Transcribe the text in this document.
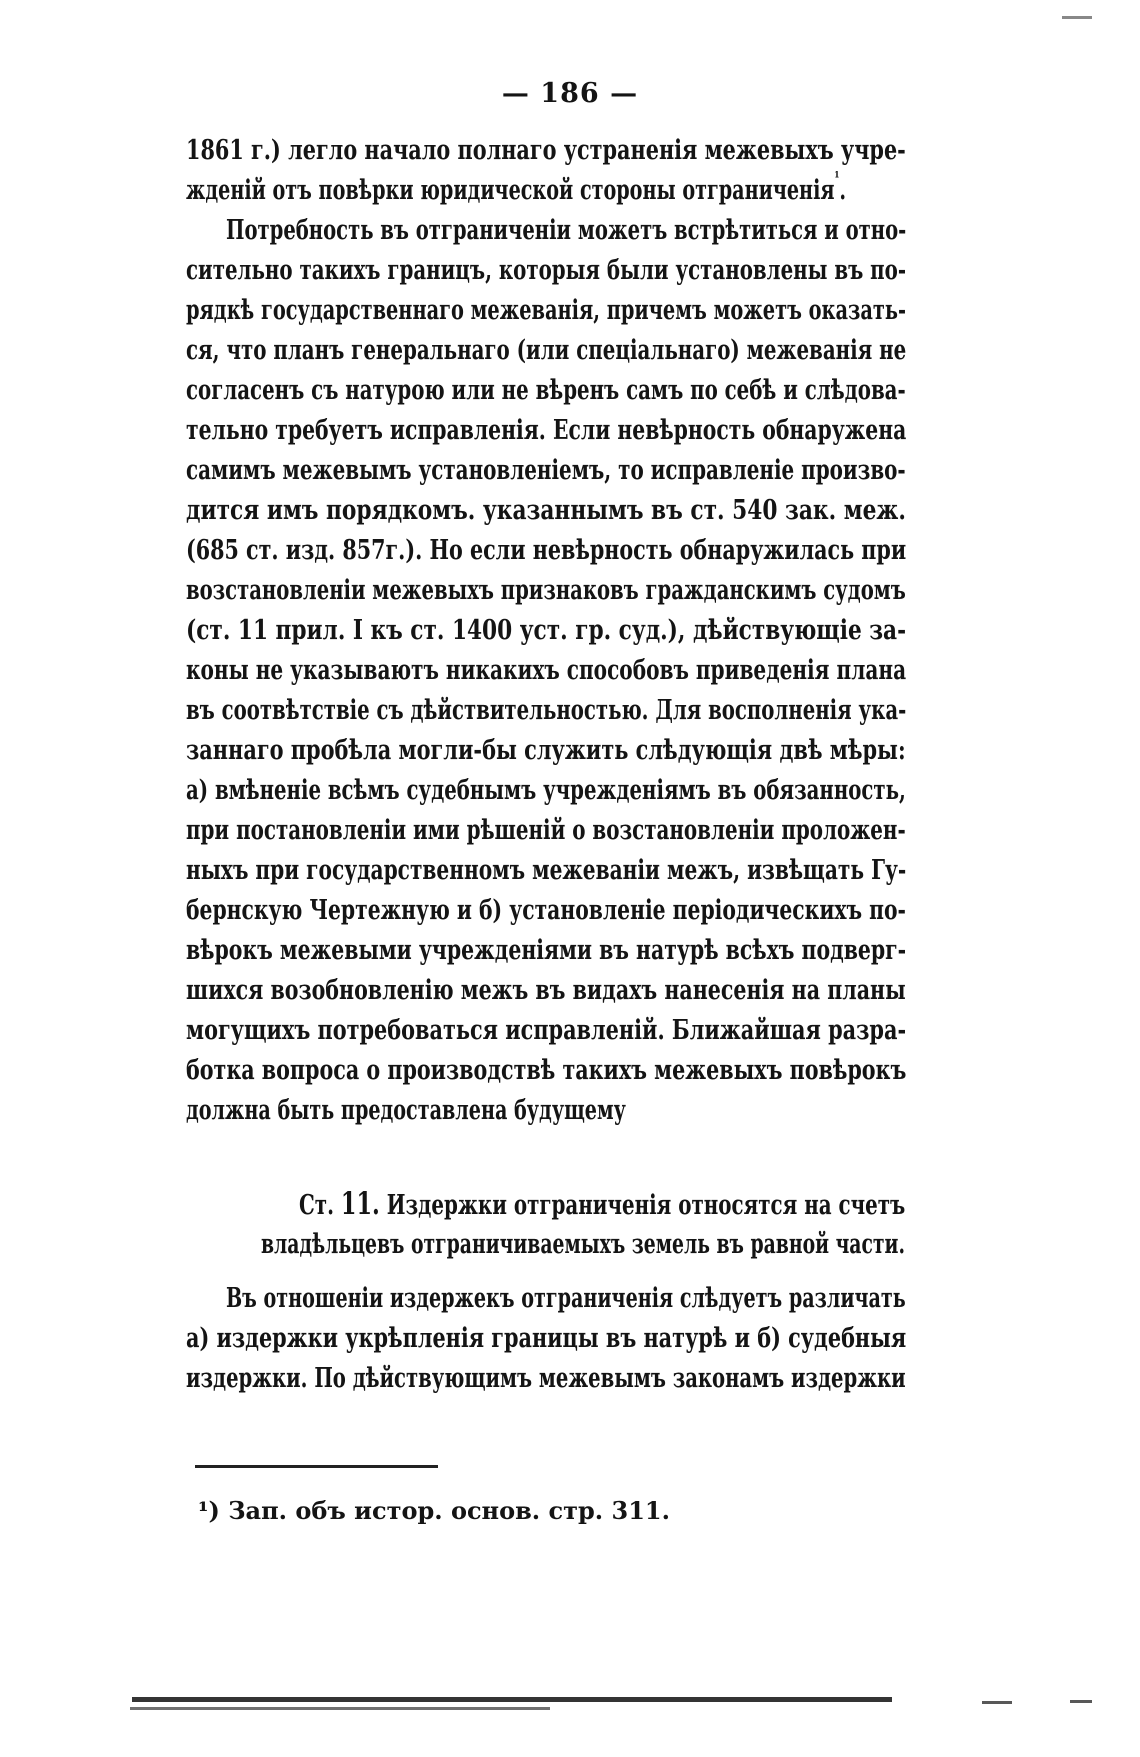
— 186 —
1861 г.) легло начало полнаго устраненія межевыхъ учре-
жденій отъ повѣрки юридической стороны отграниченія$^{^1}$.
Потребность въ отграниченіи можетъ встрѣтиться и отно-
сительно такихъ границъ, которыя были установлены въ по-
рядкѣ государственнаго межеванія, причемъ можетъ оказать-
ся, что планъ генеральнаго (или спеціальнаго) межеванія не
согласенъ съ натурою или не вѣренъ самъ по себѣ и слѣдова-
тельно требуетъ исправленія. Если невѣрность обнаружена
самимъ межевымъ установленіемъ, то исправленіе произво-
дится имъ порядкомъ. указаннымъ въ ст. 540 зак. меж.
(685 ст. изд. 857г.). Но если невѣрность обнаружилась при
возстановленіи межевыхъ признаковъ гражданскимъ судомъ
(ст. 11 прил. I къ ст. 1400 уст. гр. суд.), дѣйствующіе за-
коны не указываютъ никакихъ способовъ приведенія плана
въ соотвѣтствіе съ дѣйствительностью. Для восполненія ука-
заннаго пробѣла могли-бы служить слѣдующія двѣ мѣры:
а) вмѣненіе всѣмъ судебнымъ учрежденіямъ въ обязанность,
при постановленіи ими рѣшеній о возстановленіи проложен-
ныхъ при государственномъ межеваніи межъ, извѣщать Гу-
бернскую Чертежную и б) установленіе періодическихъ по-
вѣрокъ межевыми учрежденіями въ натурѣ всѣхъ подверг-
шихся возобновленію межъ въ видахъ нанесенія на планы
могущихъ потребоваться исправленій. Ближайшая разра-
ботка вопроса о производствѣ такихъ межевыхъ повѣрокъ
должна быть предоставлена будущему
Ст. 11. Издержки отграниченія относятся на счетъ
владѣльцевъ отграничиваемыхъ земель въ равной части.
Въ отношеніи издержекъ отграниченія слѣдуетъ различать
а) издержки укрѣпленія границы въ натурѣ и б) судебныя
издержки. По дѣйствующимъ межевымъ законамъ издержки
¹) Зап. объ истор. основ. стр. 311.
